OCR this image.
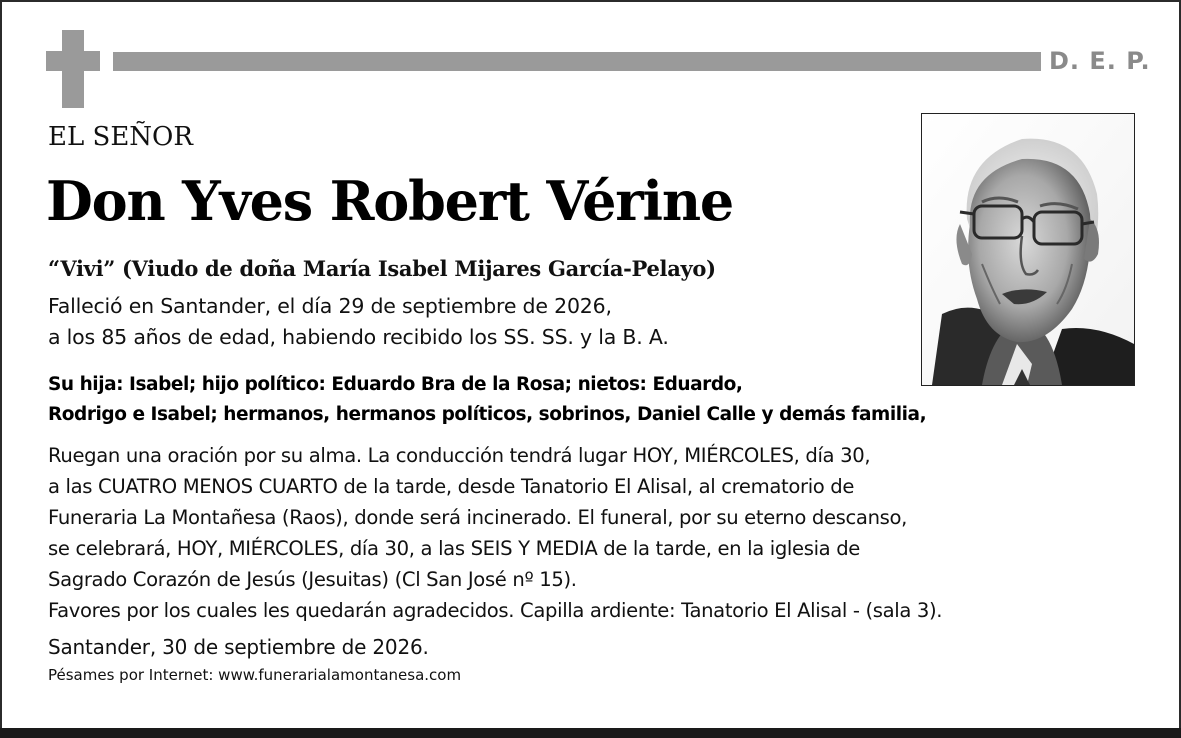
D. E. P.
EL SEÑOR
Don Yves Robert Vérine
“Vivi” (Viudo de doña María Isabel Mijares García-Pelayo)
Falleció en Santander, el día 29 de septiembre de 2026,
a los 85 años de edad, habiendo recibido los SS. SS. y la B. A.
Su hija: Isabel; hijo político: Eduardo Bra de la Rosa; nietos: Eduardo,
Rodrigo e Isabel; hermanos, hermanos políticos, sobrinos, Daniel Calle y demás familia,
Ruegan una oración por su alma. La conducción tendrá lugar HOY, MIÉRCOLES, día 30,
a las CUATRO MENOS CUARTO de la tarde, desde Tanatorio El Alisal, al crematorio de
Funeraria La Montañesa (Raos), donde será incinerado. El funeral, por su eterno descanso,
se celebrará, HOY, MIÉRCOLES, día 30, a las SEIS Y MEDIA de la tarde, en la iglesia de
Sagrado Corazón de Jesús (Jesuitas) (Cl San José nº 15).
Favores por los cuales les quedarán agradecidos. Capilla ardiente: Tanatorio El Alisal - (sala 3).
Santander, 30 de septiembre de 2026.
Pésames por Internet: www.funerarialamontanesa.com
